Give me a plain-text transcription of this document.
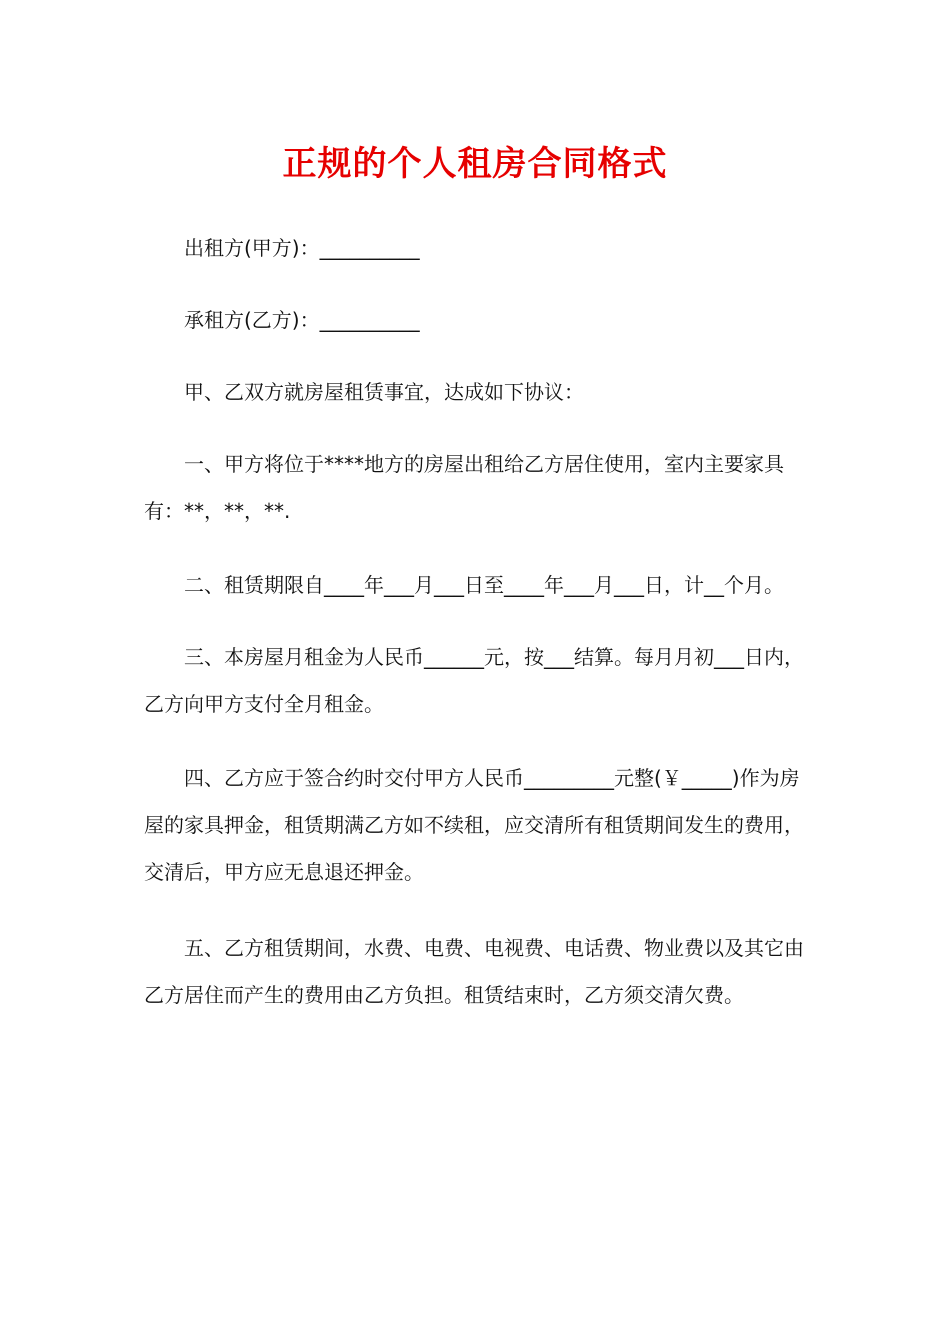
正规的个人租房合同格式
出租方(甲方)：__________
承租方(乙方)：__________
甲、乙双方就房屋租赁事宜，达成如下协议：
一、甲方将位于****地方的房屋出租给乙方居住使用，室内主要家具有：**，**，**.
二、租赁期限自____年___月___日至____年___月___日，计__个月。
三、本房屋月租金为人民币______元，按___结算。每月月初___日内，乙方向甲方支付全月租金。
四、乙方应于签合约时交付甲方人民币_________元整(￥_____)作为房屋的家具押金，租赁期满乙方如不续租，应交清所有租赁期间发生的费用，交清后，甲方应无息退还押金。
五、乙方租赁期间，水费、电费、电视费、电话费、物业费以及其它由乙方居住而产生的费用由乙方负担。租赁结束时，乙方须交清欠费。
